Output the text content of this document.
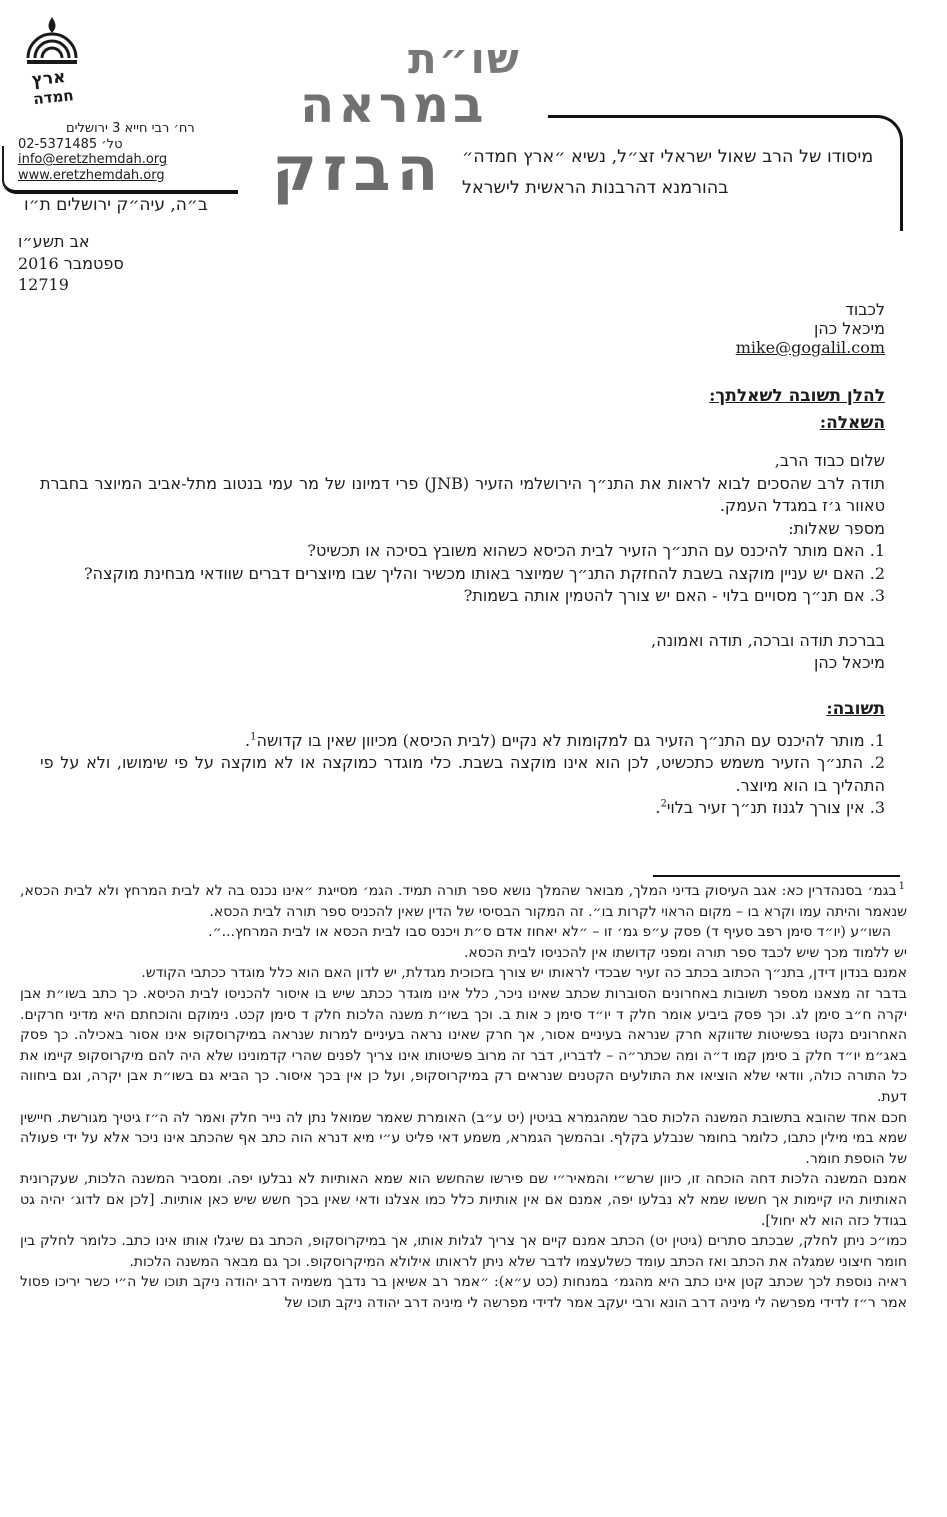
ארץ
חמדה
רח׳ רבי חייא 3 ירושלים
טל׳ 02-5371485
info@eretzhemdah.org
www.eretzhemdah.org
ב״ה, עיה״ק ירושלים ת״ו
שו״ת
במראה
הבזק מיסודו של הרב שאול ישראלי זצ״ל, נשיא ״ארץ חמדה״
בהורמנא דהרבנות הראשית לישראל
אב תשע״ו
ספטמבר 2016
12719

לכבוד

מיכאל כהן

mike@gogalil.com

להלן תשובה לשאלתך:

השאלה:

שלום כבוד הרב,

תודה לרב שהסכים לבוא לראות את התנ״ך הירושלמי הזעיר (JNB) פרי דמיונו של מר עמי בנטוב מתל-אביב המיוצר בחברת טאוור ג׳ז במגדל העמק.

מספר שאלות:

1. האם מותר להיכנס עם התנ״ך הזעיר לבית הכיסא כשהוא משובץ בסיכה או תכשיט?

2. האם יש עניין מוקצה בשבת להחזקת התנ״ך שמיוצר באותו מכשיר והליך שבו מיוצרים דברים שוודאי מבחינת מוקצה?

3. אם תנ״ך מסויים בלוי - האם יש צורך להטמין אותה בשמות?

בברכת תודה וברכה, תודה ואמונה,

מיכאל כהן

תשובה:

1. מותר להיכנס עם התנ״ך הזעיר גם למקומות לא נקיים (לבית הכיסא) מכיוון שאין בו קדושה$^1$.

2. התנ״ך הזעיר משמש כתכשיט, לכן הוא אינו מוקצה בשבת. כלי מוגדר כמוקצה או לא מוקצה על פי שימושו, ולא על פי התהליך בו הוא מיוצר.

3. אין צורך לגנוז תנ״ך זעיר בלוי$^2$.

$^1$בגמ׳ בסנהדרין כא: אגב העיסוק בדיני המלך, מבואר שהמלך נושא ספר תורה תמיד. הגמ׳ מסייגת ״אינו נכנס בה לא לבית המרחץ ולא לבית הכסא, שנאמר והיתה עמו וקרא בו – מקום הראוי לקרות בו״. זה המקור הבסיסי של הדין שאין להכניס ספר תורה לבית הכסא.

השו״ע (יו״ד סימן רפב סעיף ד) פסק ע״פ גמ׳ זו – ״לא יאחוז אדם ס״ת ויכנס סבו לבית הכסא או לבית המרחץ...״.

יש ללמוד מכך שיש לכבד ספר תורה ומפני קדושתו אין להכניסו לבית הכסא.

אמנם בנדון דידן, בתנ״ך הכתוב בכתב כה זעיר שבכדי לראותו יש צורך בזכוכית מגדלת, יש לדון האם הוא כלל מוגדר ככתבי הקודש.

בדבר זה מצאנו מספר תשובות באחרונים הסוברות שכתב שאינו ניכר, כלל אינו מוגדר ככתב שיש בו איסור להכניסו לבית הכיסא. כך כתב בשו״ת אבן יקרה ח״ב סימן לג. וכך פסק ביביע אומר חלק ד יו״ד סימן כ אות ב. וכך בשו״ת משנה הלכות חלק ד סימן קכט. נימוקם והוכחתם היא מדיני חרקים. האחרונים נקטו בפשיטות שדווקא חרק שנראה בעיניים אסור, אך חרק שאינו נראה בעיניים למרות שנראה במיקרוסקופ אינו אסור באכילה. כך פסק באג״מ יו״ד חלק ב סימן קמו ד״ה ומה שכתר״ה – לדבריו, דבר זה מרוב פשיטותו אינו צריך לפנים שהרי קדמונינו שלא היה להם מיקרוסקופ קיימו את כל התורה כולה, וודאי שלא הוציאו את התולעים הקטנים שנראים רק במיקרוסקופ, ועל כן אין בכך איסור. כך הביא גם בשו״ת אבן יקרה, וגם ביחווה דעת.

חכם אחד שהובא בתשובת המשנה הלכות סבר שמהגמרא בגיטין (יט ע״ב) האומרת שאמר שמואל נתן לה נייר חלק ואמר לה ה״ז גיטיך מגורשת. חיישין שמא במי מילין כתבו, כלומר בחומר שנבלע בקלף. ובהמשך הגמרא, משמע דאי פליט ע״י מיא דנרא הוה כתב אף שהכתב אינו ניכר אלא על ידי פעולה של הוספת חומר.

אמנם המשנה הלכות דחה הוכחה זו, כיוון שרש״י והמאיר״י שם פירשו שהחשש הוא שמא האותיות לא נבלעו יפה. ומסביר המשנה הלכות, שעקרונית האותיות היו קיימות אך חששו שמא לא נבלעו יפה, אמנם אם אין אותיות כלל כמו אצלנו ודאי שאין בכך חשש שיש כאן אותיות. [לכן אם לדוג׳ יהיה גט בגודל כזה הוא לא יחול].

כמו״כ ניתן לחלק, שבכתב סתרים (גיטין יט) הכתב אמנם קיים אך צריך לגלות אותו, אך במיקרוסקופ, הכתב גם שיגלו אותו אינו כתב. כלומר לחלק בין חומר חיצוני שמגלה את הכתב ואז הכתב עומד כשלעצמו לדבר שלא ניתן לראותו אילולא המיקרוסקופ. וכך גם מבאר המשנה הלכות.

ראיה נוספת לכך שכתב קטן אינו כתב היא מהגמ׳ במנחות (כט ע״א): ״אמר רב אשיאן בר נדבך משמיה דרב יהודה ניקב תוכו של ה״י כשר יריכו פסול אמר ר״ז לדידי מפרשה לי מיניה דרב הונא ורבי יעקב אמר לדידי מפרשה לי מיניה דרב יהודה ניקב תוכו של
